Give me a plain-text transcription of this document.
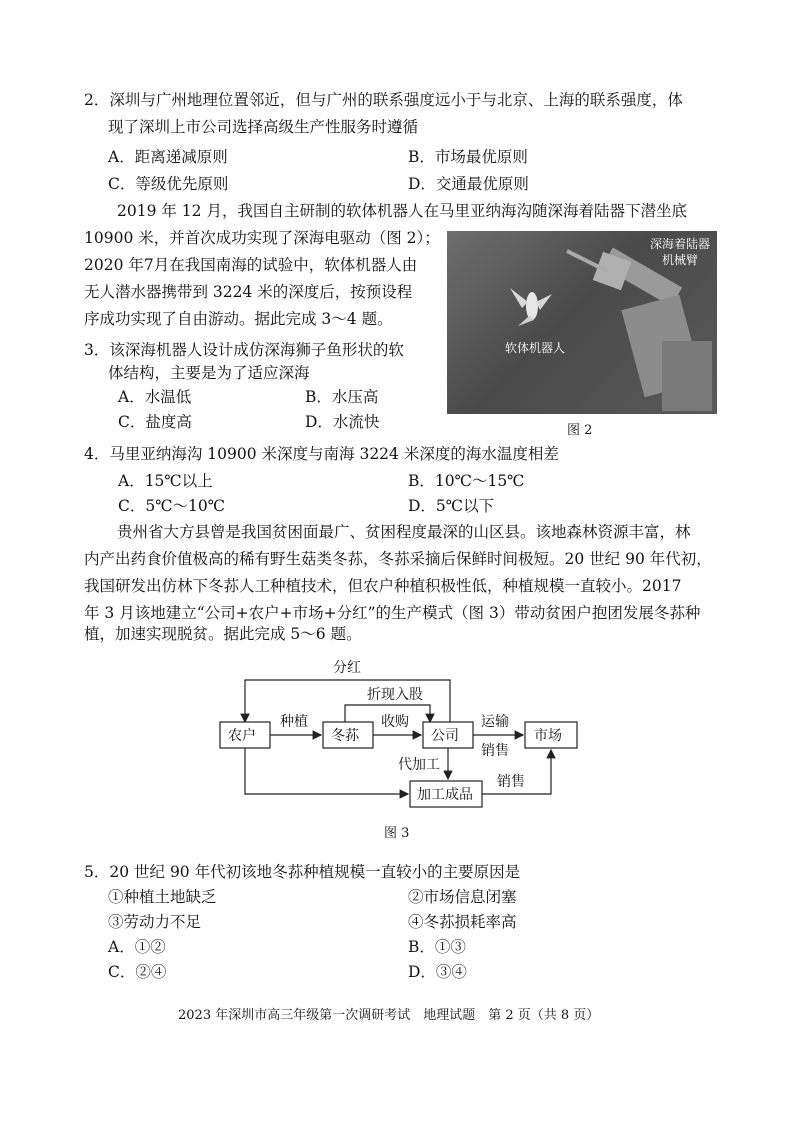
2．深圳与广州地理位置邻近，但与广州的联系强度远小于与北京、上海的联系强度，体
现了深圳上市公司选择高级生产性服务时遵循
A．距离递减原则	B．市场最优原则
C．等级优先原则	D．交通最优原则
2019 年 12 月，我国自主研制的软体机器人在马里亚纳海沟随深海着陆器下潜坐底
10900 米，并首次成功实现了深海电驱动（图 2）；
2020 年7月在我国南海的试验中，软体机器人由
无人潜水器携带到 3224 米的深度后，按预设程
序成功实现了自由游动。据此完成 3～4 题。
深海着陆器
机械臂
软体机器人
图 2
3．该深海机器人设计成仿深海狮子鱼形状的软
体结构，主要是为了适应深海
A．水温低	B．水压高
C．盐度高	D．水流快
4．马里亚纳海沟 10900 米深度与南海 3224 米深度的海水温度相差
A．15℃以上	B．10℃～15℃
C．5℃～10℃	D．5℃以下
贵州省大方县曾是我国贫困面最广、贫困程度最深的山区县。该地森林资源丰富，林
内产出药食价值极高的稀有野生菇类冬荪，冬荪采摘后保鲜时间极短。20 世纪 90 年代初，
我国研发出仿林下冬荪人工种植技术，但农户种植积极性低，种植规模一直较小。2017
年 3 月该地建立“公司+农户+市场+分红”的生产模式（图 3）带动贫困户抱团发展冬荪种
植，加速实现脱贫。据此完成 5～6 题。
分红
折现入股
农户	冬荪	公司	市场
加工成品
种植	收购	运输
销售
代加工
销售
图 3
5．20 世纪 90 年代初该地冬荪种植规模一直较小的主要原因是
①种植土地缺乏	②市场信息闭塞
③劳动力不足	④冬荪损耗率高
A．①②	B．①③
C．②④	D．③④
2023 年深圳市高三年级第一次调研考试　地理试题　第 2 页（共 8 页）
